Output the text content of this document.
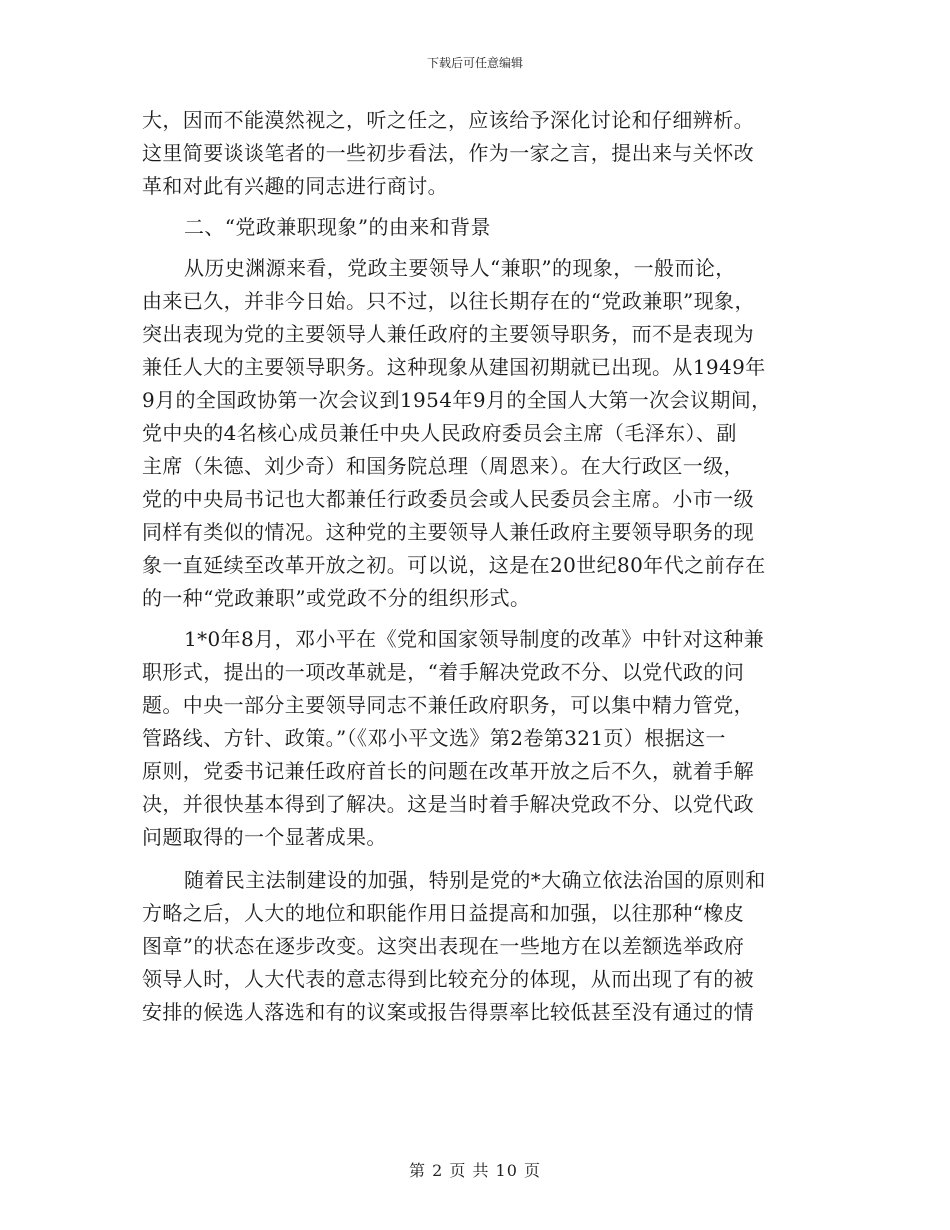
下载后可任意编辑
大，因而不能漠然视之，听之任之，应该给予深化讨论和仔细辨析。
这里简要谈谈笔者的一些初步看法，作为一家之言，提出来与关怀改
革和对此有兴趣的同志进行商讨。
二、“党政兼职现象”的由来和背景
从历史渊源来看，党政主要领导人“兼职”的现象，一般而论，
由来已久，并非今日始。只不过，以往长期存在的“党政兼职”现象，
突出表现为党的主要领导人兼任政府的主要领导职务，而不是表现为
兼任人大的主要领导职务。这种现象从建国初期就已出现。从1949年
9月的全国政协第一次会议到1954年9月的全国人大第一次会议期间，
党中央的4名核心成员兼任中央人民政府委员会主席（毛泽东）、副
主席（朱德、刘少奇）和国务院总理（周恩来）。在大行政区一级，
党的中央局书记也大都兼任行政委员会或人民委员会主席。小市一级
同样有类似的情况。这种党的主要领导人兼任政府主要领导职务的现
象一直延续至改革开放之初。可以说，这是在20世纪80年代之前存在
的一种“党政兼职”或党政不分的组织形式。
1*0年8月，邓小平在《党和国家领导制度的改革》中针对这种兼
职形式，提出的一项改革就是，“着手解决党政不分、以党代政的问
题。中央一部分主要领导同志不兼任政府职务，可以集中精力管党，
管路线、方针、政策。”（《邓小平文选》第2卷第321页）根据这一
原则，党委书记兼任政府首长的问题在改革开放之后不久，就着手解
决，并很快基本得到了解决。这是当时着手解决党政不分、以党代政
问题取得的一个显著成果。
随着民主法制建设的加强，特别是党的*大确立依法治国的原则和
方略之后，人大的地位和职能作用日益提高和加强，以往那种“橡皮
图章”的状态在逐步改变。这突出表现在一些地方在以差额选举政府
领导人时，人大代表的意志得到比较充分的体现，从而出现了有的被
安排的候选人落选和有的议案或报告得票率比较低甚至没有通过的情
第 2 页 共 10 页
